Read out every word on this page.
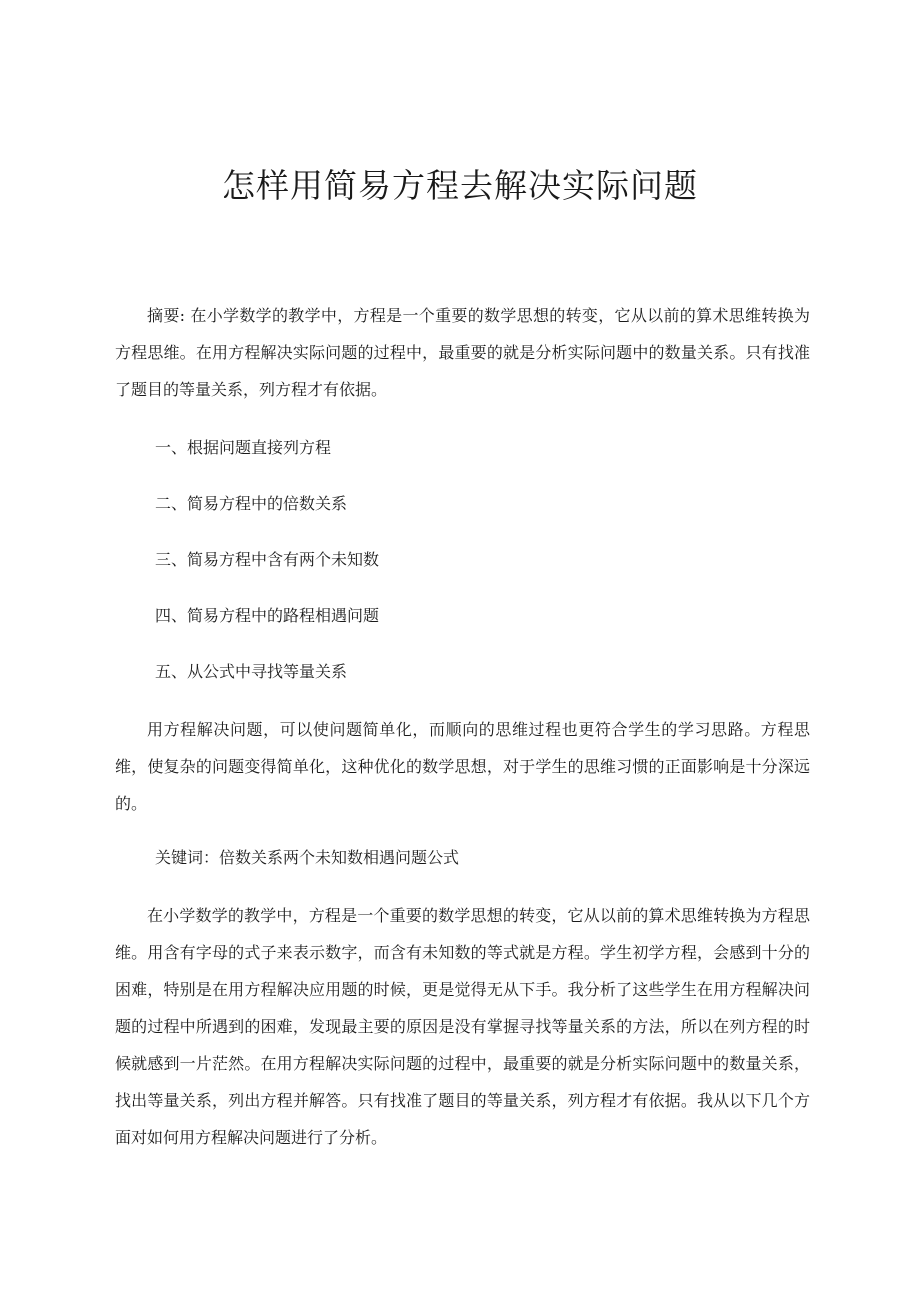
怎样用简易方程去解决实际问题

摘要: 在小学数学的教学中，方程是一个重要的数学思想的转变，它从以前的算术思维转换为方程思维。在用方程解决实际问题的过程中，最重要的就是分析实际问题中的数量关系。只有找准了题目的等量关系，列方程才有依据。

一、根据问题直接列方程

二、简易方程中的倍数关系

三、简易方程中含有两个未知数

四、简易方程中的路程相遇问题

五、从公式中寻找等量关系

用方程解决问题，可以使问题简单化，而顺向的思维过程也更符合学生的学习思路。方程思维，使复杂的问题变得简单化，这种优化的数学思想，对于学生的思维习惯的正面影响是十分深远的。

关键词：倍数关系两个未知数相遇问题公式

在小学数学的教学中，方程是一个重要的数学思想的转变，它从以前的算术思维转换为方程思维。用含有字母的式子来表示数字，而含有未知数的等式就是方程。学生初学方程，会感到十分的困难，特别是在用方程解决应用题的时候，更是觉得无从下手。我分析了这些学生在用方程解决问题的过程中所遇到的困难，发现最主要的原因是没有掌握寻找等量关系的方法，所以在列方程的时候就感到一片茫然。在用方程解决实际问题的过程中，最重要的就是分析实际问题中的数量关系，找出等量关系，列出方程并解答。只有找准了题目的等量关系，列方程才有依据。我从以下几个方面对如何用方程解决问题进行了分析。
